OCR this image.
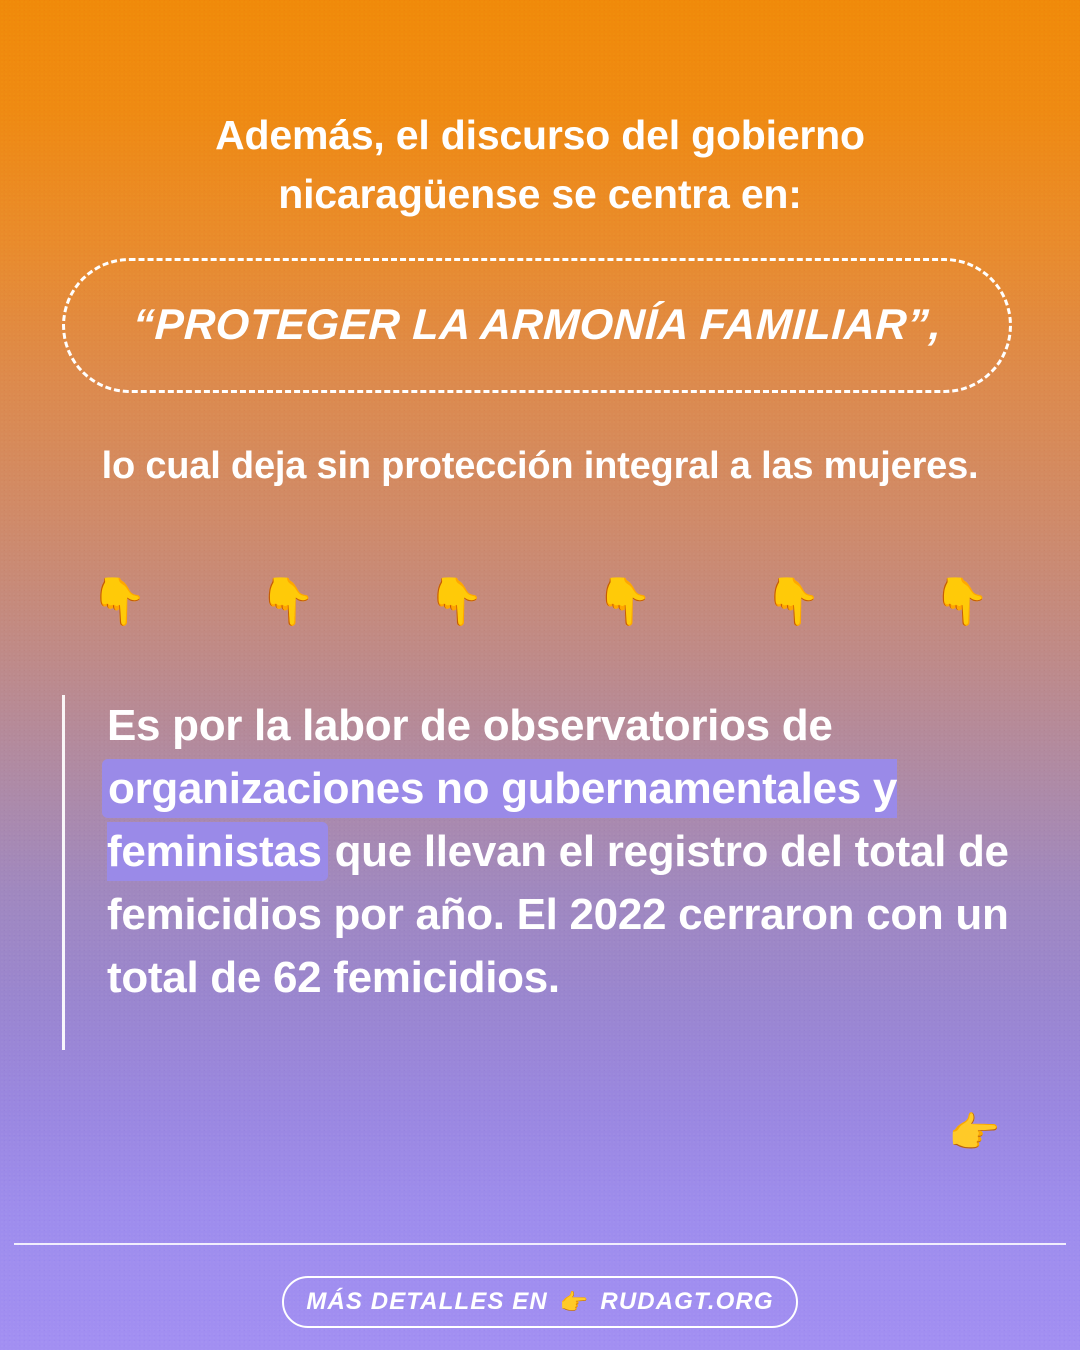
Además, el discurso del gobierno nicaragüense se centra en:
“PROTEGER LA ARMONÍA FAMILIAR”,
lo cual deja sin protección integral a las mujeres.
👇 👇 👇 👇 👇 👇
Es por la labor de observatorios de organizaciones no gubernamentales y feministas que llevan el registro del total de femicidios por año. El 2022 cerraron con un total de 62 femicidios.
👉
MÁS DETALLES EN 👉 RUDAGT.ORG
